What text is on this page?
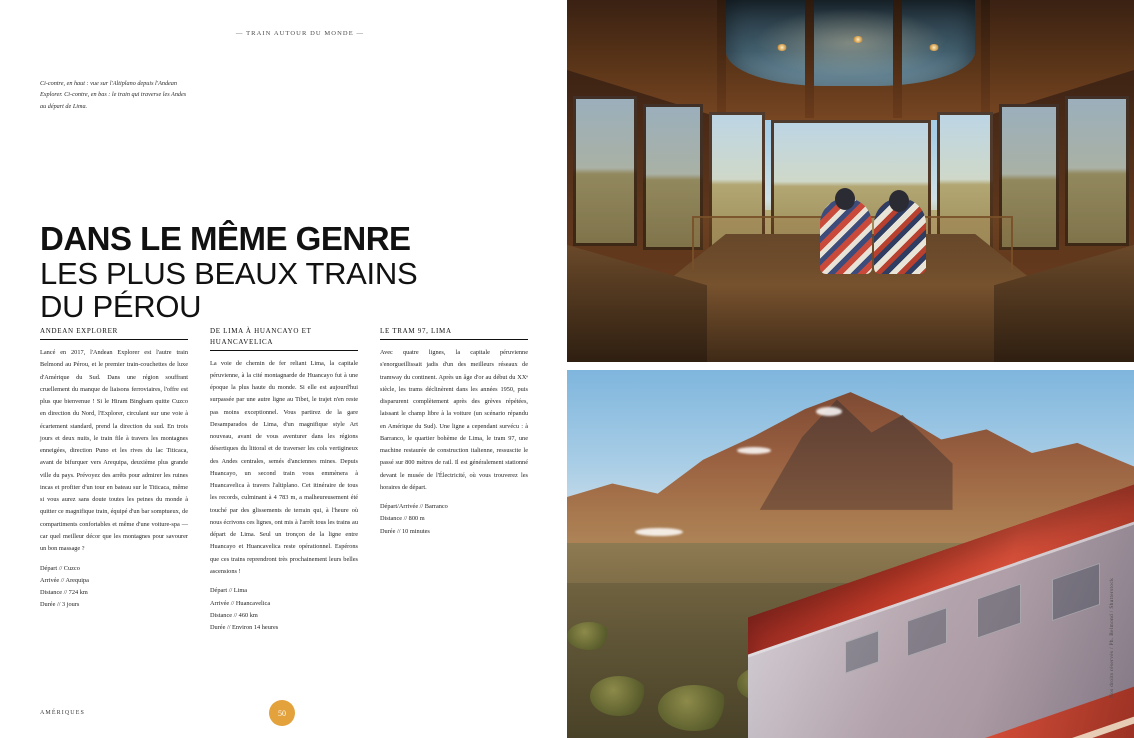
— TRAIN AUTOUR DU MONDE —
Ci-contre, en haut : vue sur l'Altiplano depuis l'Andean Explorer. Ci-contre, en bas : le train qui traverse les Andes au départ de Lima.
DANS LE MÊME GENRE
LES PLUS BEAUX TRAINS
DU PÉROU
ANDEAN EXPLORER
Lancé en 2017, l'Andean Explorer est l'autre train Belmond au Pérou, et le premier train-couchettes de luxe d'Amérique du Sud. Dans une région souffrant cruellement du manque de liaisons ferroviaires, l'offre est plus que bienvenue ! Si le Hiram Bingham quitte Cuzco en direction du Nord, l'Explorer, circulant sur une voie à écartement standard, prend la direction du sud. En trois jours et deux nuits, le train file à travers les montagnes enneigées, direction Puno et les rives du lac Titicaca, avant de bifurquer vers Arequipa, deuxième plus grande ville du pays. Prévoyez des arrêts pour admirer les ruines incas et profiter d'un tour en bateau sur le Titicaca, même si vous aurez sans doute toutes les peines du monde à quitter ce magnifique train, équipé d'un bar somptueux, de compartiments confortables et même d'une voiture-spa — car quel meilleur décor que les montagnes pour savourer un bon massage ?
Départ // Cuzco
Arrivée // Arequipa
Distance // 724 km
Durée // 3 jours
DE LIMA À HUANCAYO ET HUANCAVELICA
La voie de chemin de fer reliant Lima, la capitale péruvienne, à la cité montagnarde de Huancayo fut à une époque la plus haute du monde. Si elle est aujourd'hui surpassée par une autre ligne au Tibet, le trajet n'en reste pas moins exceptionnel. Vous partirez de la gare Desamparados de Lima, d'un magnifique style Art nouveau, avant de vous aventurer dans les régions désertiques du littoral et de traverser les cols vertigineux des Andes centrales, semés d'anciennes mines. Depuis Huancayo, un second train vous emmènera à Huancavelica à travers l'altiplano. Cet itinéraire de tous les records, culminant à 4 783 m, a malheureusement été touché par des glissements de terrain qui, à l'heure où nous écrivons ces lignes, ont mis à l'arrêt tous les trains au départ de Lima. Seul un tronçon de la ligne entre Huancayo et Huancavelica reste opérationnel. Espérons que ces trains reprendront très prochainement leurs belles ascensions !
Départ // Lima
Arrivée // Huancavelica
Distance // 460 km
Durée // Environ 14 heures
LE TRAM 97, LIMA
Avec quatre lignes, la capitale péruvienne s'enorgueillissait jadis d'un des meilleurs réseaux de tramway du continent. Après un âge d'or au début du XXᵉ siècle, les trams déclinèrent dans les années 1950, puis disparurent complètement après des grèves répétées, laissant le champ libre à la voiture (un scénario répandu en Amérique du Sud). Une ligne a cependant survécu : à Barranco, le quartier bohème de Lima, le tram 97, une machine restaurée de construction italienne, ressuscite le passé sur 800 mètres de rail. Il est généralement stationné devant le musée de l'Électricité, où vous trouverez les horaires de départ.
Départ/Arrivée // Barranco
Distance // 800 m
Durée // 10 minutes
AMÉRIQUES	50
Nos droits réservés / Ph. Belmond / Shutterstock
